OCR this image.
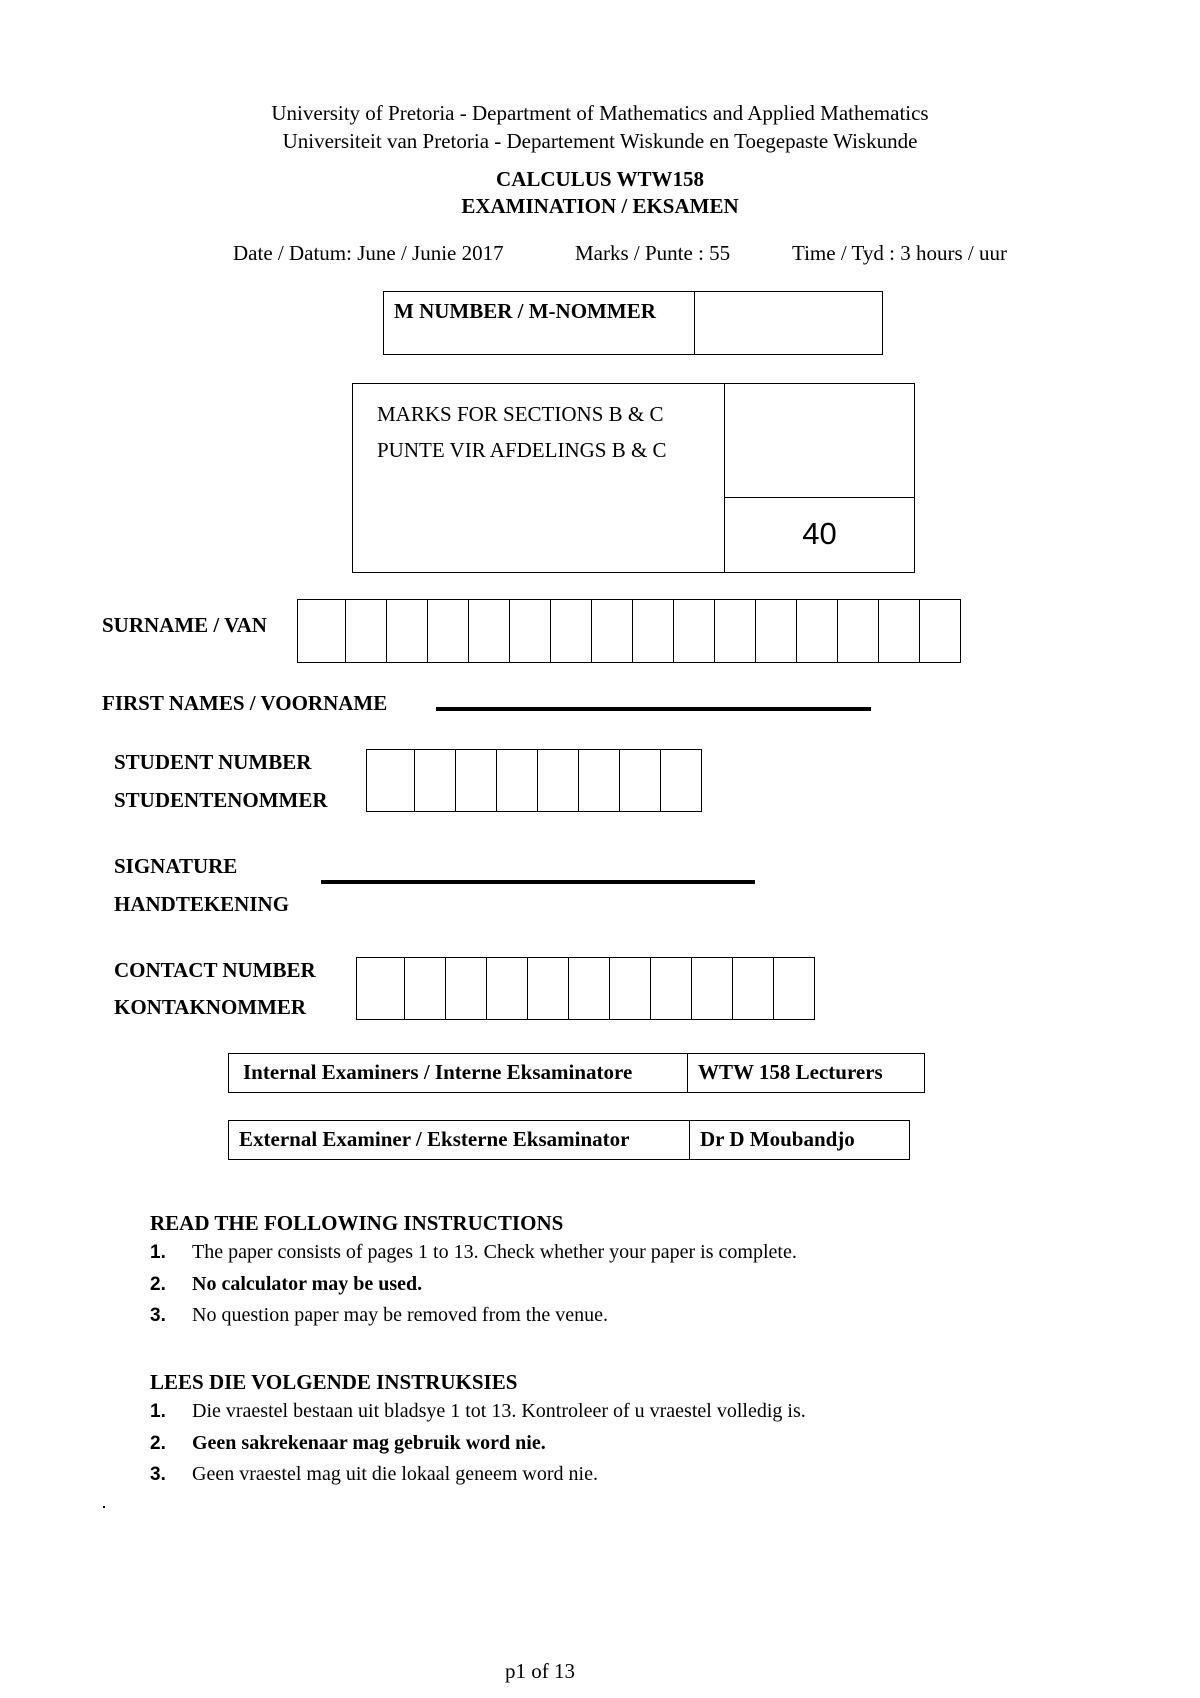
University of Pretoria - Department of Mathematics and Applied Mathematics
Universiteit van Pretoria - Departement Wiskunde en Toegepaste Wiskunde
CALCULUS WTW158
EXAMINATION / EKSAMEN
Date / Datum: June / Junie 2017	Marks / Punte : 55	Time / Tyd : 3 hours / uur
M NUMBER / M-NOMMER
MARKS FOR SECTIONS B & C
PUNTE VIR AFDELINGS B & C
40
SURNAME / VAN
FIRST NAMES / VOORNAME
STUDENT NUMBER
STUDENTENOMMER
SIGNATURE
HANDTEKENING
CONTACT NUMBER
KONTAKNOMMER
Internal Examiners / Interne Eksaminatore	WTW 158 Lecturers
External Examiner / Eksterne Eksaminator	Dr D Moubandjo
READ THE FOLLOWING INSTRUCTIONS
1. The paper consists of pages 1 to 13. Check whether your paper is complete.
2. No calculator may be used.
3. No question paper may be removed from the venue.
LEES DIE VOLGENDE INSTRUKSIES
1. Die vraestel bestaan uit bladsye 1 tot 13. Kontroleer of u vraestel volledig is.
2. Geen sakrekenaar mag gebruik word nie.
3. Geen vraestel mag uit die lokaal geneem word nie.
p1 of 13
